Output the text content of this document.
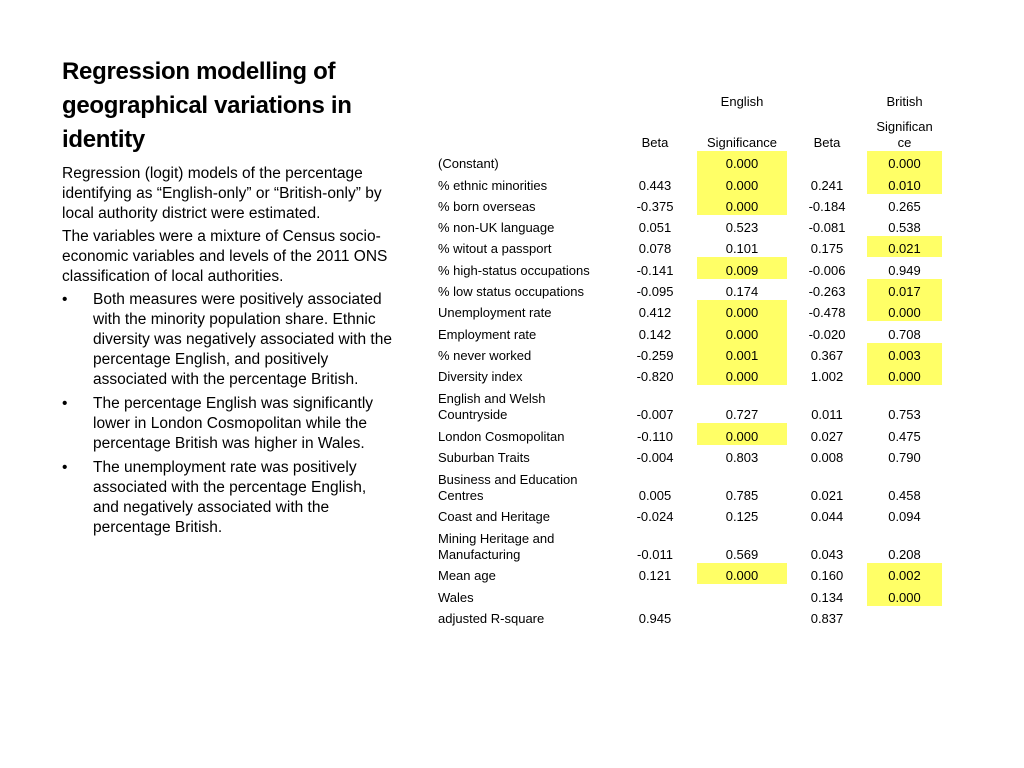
Regression modelling of geographical variations in identity

Regression (logit) models of the percentage identifying as “English-only” or “British-only” by local authority district were estimated.

The variables were a mixture of Census socio-economic variables and levels of the 2011 ONS classification of local authorities.

• Both measures were positively associated with the minority population share. Ethnic diversity was negatively associated with the percentage English, and positively associated with the percentage British.
• The percentage English was significantly lower in London Cosmopolitan while the percentage British was higher in Wales.
• The unemployment rate was positively associated with the percentage English, and negatively associated with the percentage British.
		English		British
	Beta	Significance	Beta	Significan ce
(Constant)		0.000		0.000
% ethnic minorities	0.443	0.000	0.241	0.010
% born overseas	-0.375	0.000	-0.184	0.265
% non-UK language	0.051	0.523	-0.081	0.538
% witout a passport	0.078	0.101	0.175	0.021
% high-status occupations	-0.141	0.009	-0.006	0.949
% low status occupations	-0.095	0.174	-0.263	0.017
Unemployment rate	0.412	0.000	-0.478	0.000
Employment rate	0.142	0.000	-0.020	0.708
% never worked	-0.259	0.001	0.367	0.003
Diversity index	-0.820	0.000	1.002	0.000
English and Welsh Countryside	-0.007	0.727	0.011	0.753
London Cosmopolitan	-0.110	0.000	0.027	0.475
Suburban Traits	-0.004	0.803	0.008	0.790
Business and Education Centres	0.005	0.785	0.021	0.458
Coast and Heritage	-0.024	0.125	0.044	0.094
Mining Heritage and Manufacturing	-0.011	0.569	0.043	0.208
Mean age	0.121	0.000	0.160	0.002
Wales			0.134	0.000
adjusted R-square	0.945		0.837	
